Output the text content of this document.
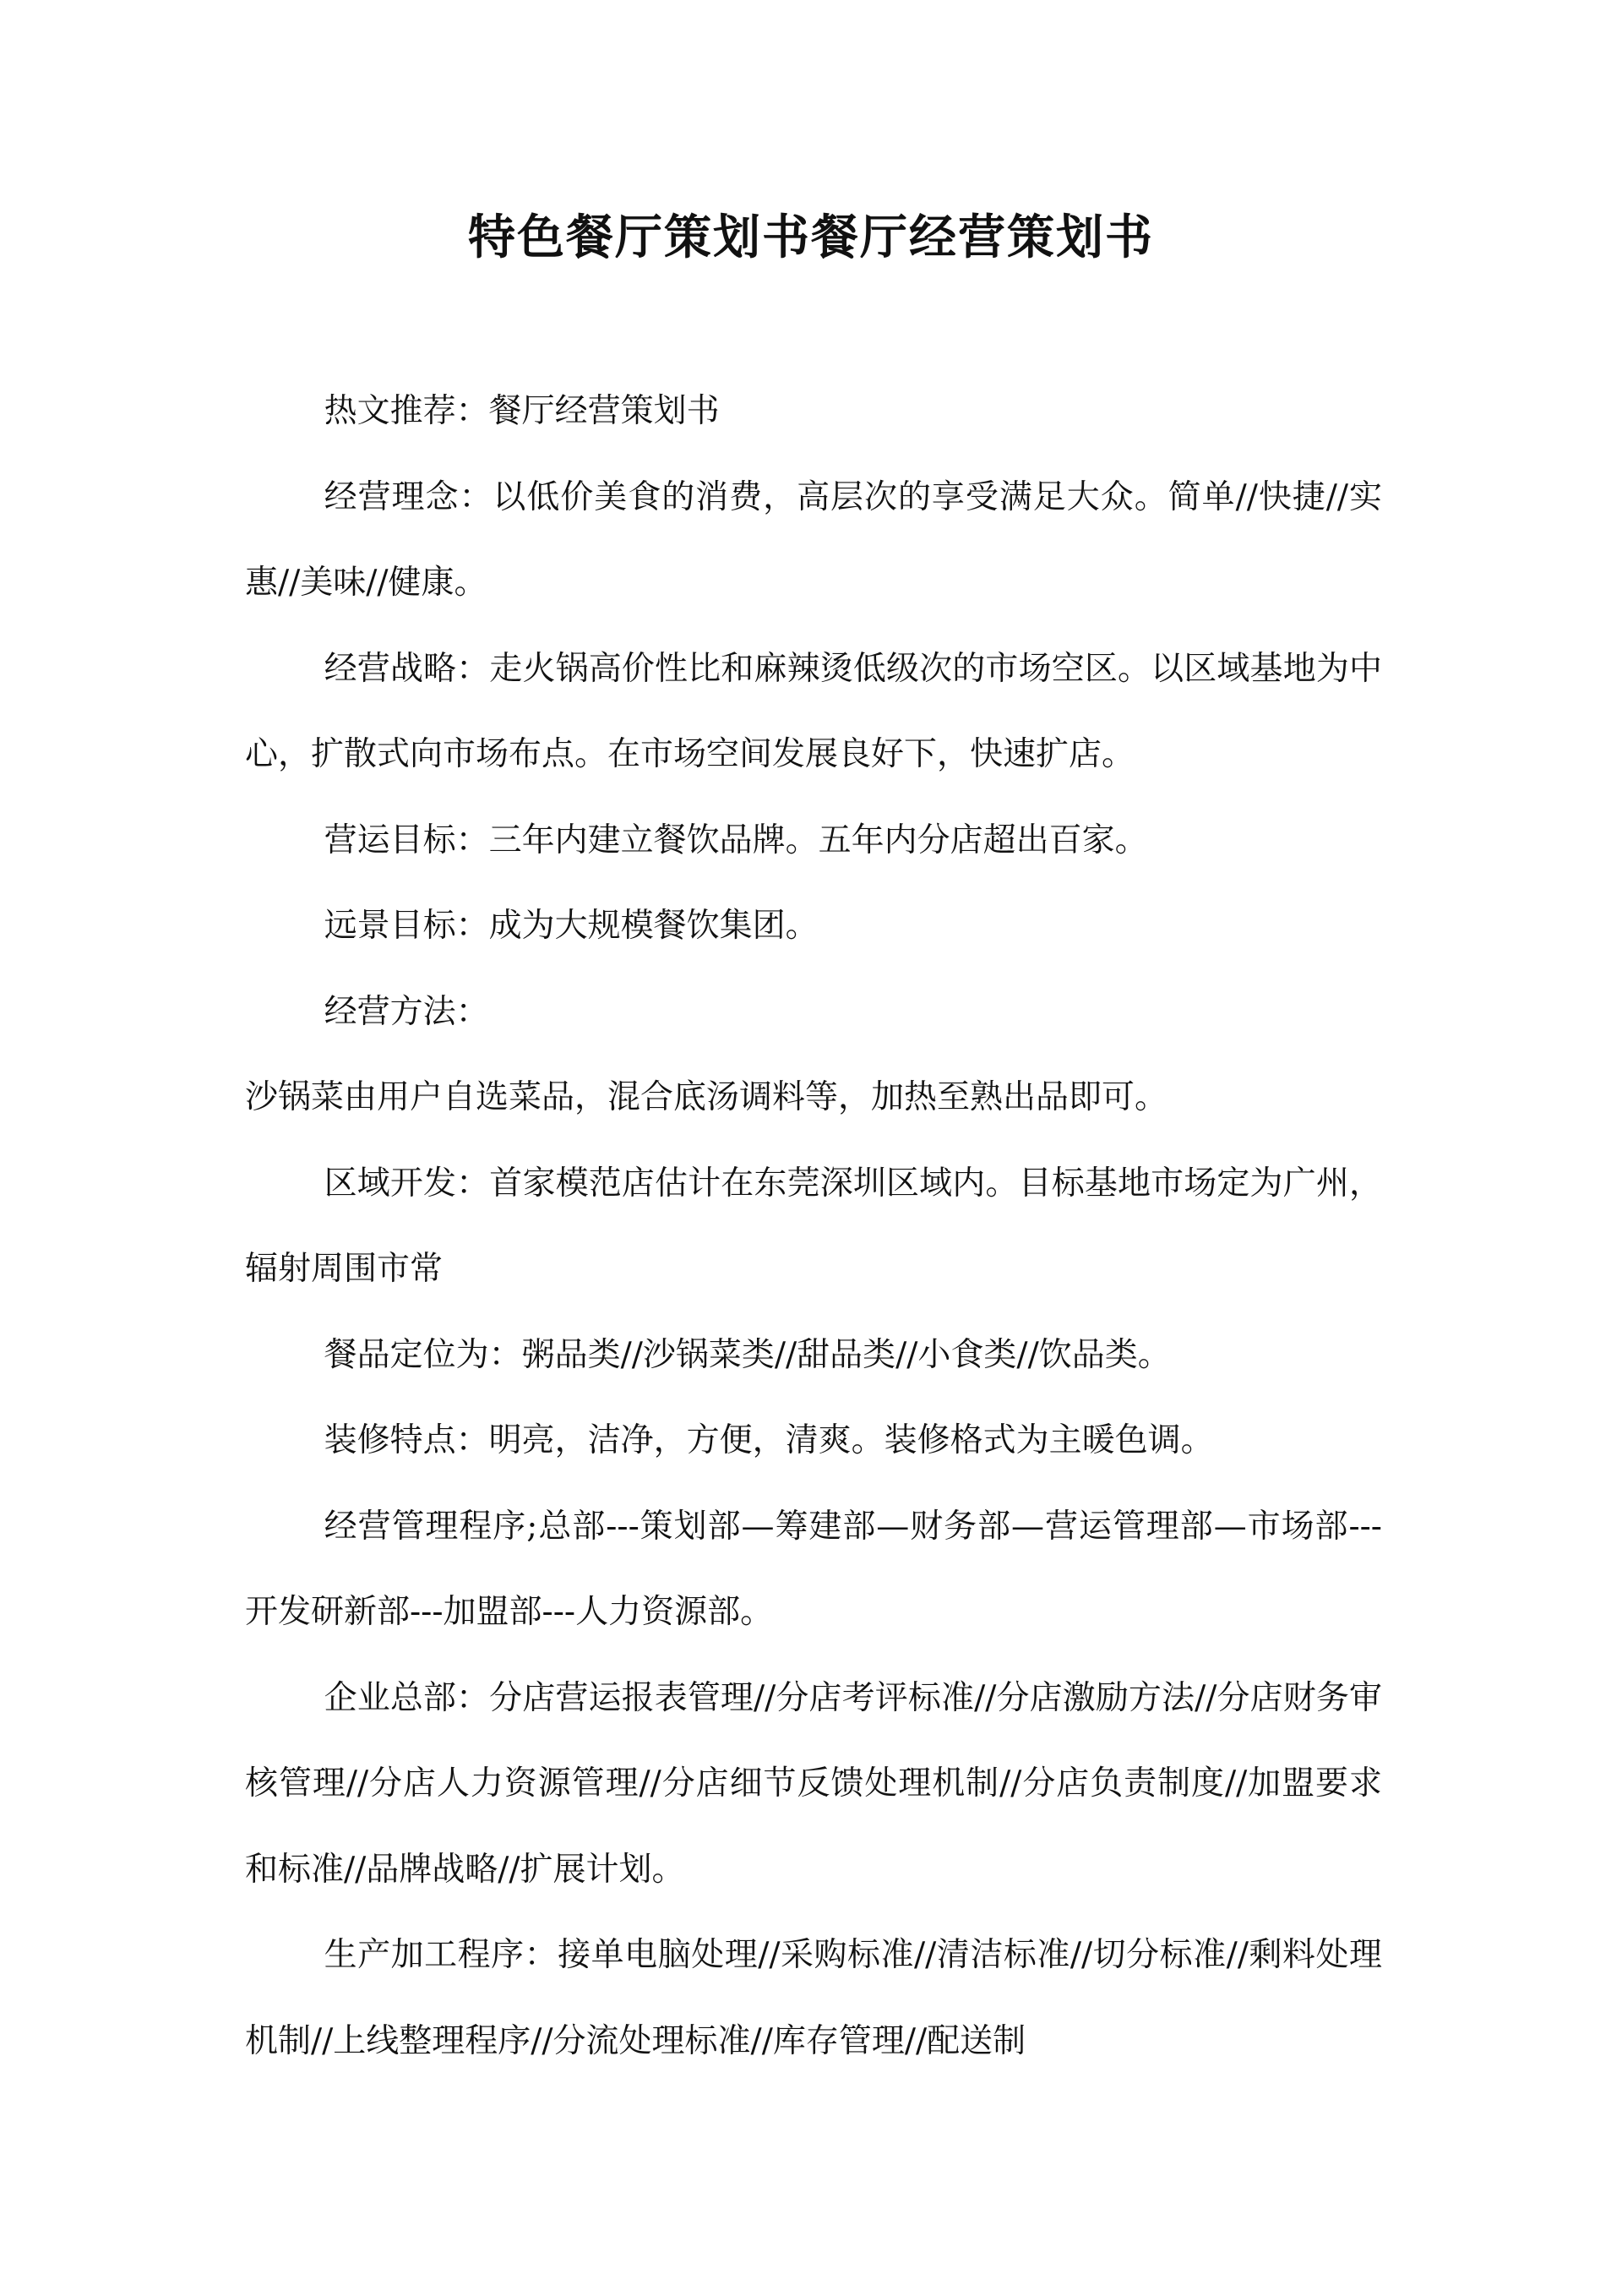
特色餐厅策划书餐厅经营策划书

热文推荐：餐厅经营策划书

经营理念：以低价美食的消费，高层次的享受满足大众。简单//快捷//实惠//美味//健康。

经营战略：走火锅高价性比和麻辣烫低级次的市场空区。以区域基地为中心，扩散式向市场布点。在市场空间发展良好下，快速扩店。

营运目标：三年内建立餐饮品牌。五年内分店超出百家。

远景目标：成为大规模餐饮集团。

经营方法：

沙锅菜由用户自选菜品，混合底汤调料等，加热至熟出品即可。

区域开发：首家模范店估计在东莞深圳区域内。目标基地市场定为广州，辐射周围市常

餐品定位为：粥品类//沙锅菜类//甜品类//小食类//饮品类。

装修特点：明亮，洁净，方便，清爽。装修格式为主暖色调。

经营管理程序;总部---策划部—筹建部—财务部—营运管理部—市场部---开发研新部---加盟部---人力资源部。

企业总部：分店营运报表管理//分店考评标准//分店激励方法//分店财务审核管理//分店人力资源管理//分店细节反馈处理机制//分店负责制度//加盟要求和标准//品牌战略//扩展计划。

生产加工程序：接单电脑处理//采购标准//清洁标准//切分标准//剩料处理机制//上线整理程序//分流处理标准//库存管理//配送制
